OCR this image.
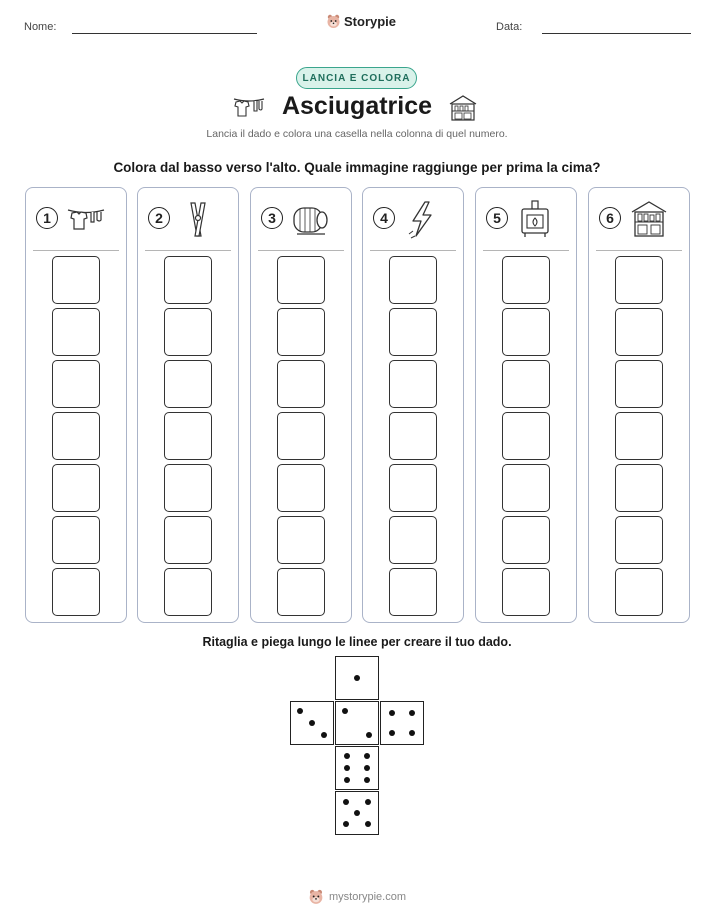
Nome:	Storypie	Data:
LANCIA E COLORA
Asciugatrice
Lancia il dado e colora una casella nella colonna di quel numero.
Colora dal basso verso l'alto. Quale immagine raggiunge per prima la cima?
1	2	3	4	5	6
Ritaglia e piega lungo le linee per creare il tuo dado.
mystorypie.com
